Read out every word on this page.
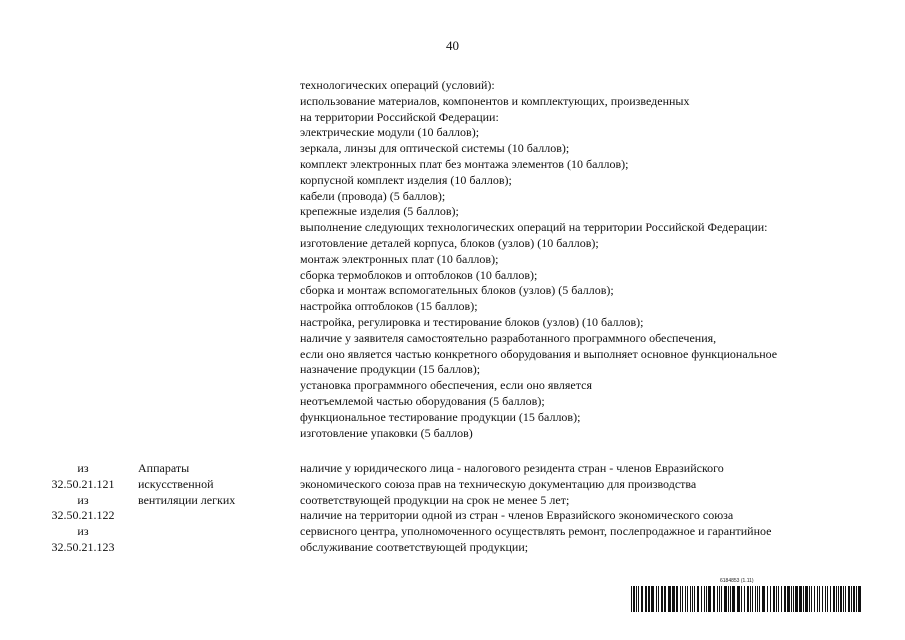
40
технологических операций (условий):
использование материалов, компонентов и комплектующих, произведенных
на территории Российской Федерации:
электрические модули (10 баллов);
зеркала, линзы для оптической системы (10 баллов);
комплект электронных плат без монтажа элементов (10 баллов);
корпусной комплект изделия (10 баллов);
кабели (провода) (5 баллов);
крепежные изделия (5 баллов);
выполнение следующих технологических операций на территории Российской Федерации:
изготовление деталей корпуса, блоков (узлов) (10 баллов);
монтаж электронных плат (10 баллов);
сборка термоблоков и оптоблоков (10 баллов);
сборка и монтаж вспомогательных блоков (узлов) (5 баллов);
настройка оптоблоков (15 баллов);
настройка, регулировка и тестирование блоков (узлов) (10 баллов);
наличие у заявителя самостоятельно разработанного программного обеспечения,
если оно является частью конкретного оборудования и выполняет основное функциональное
назначение продукции (15 баллов);
установка программного обеспечения, если оно является
неотъемлемой частью оборудования (5 баллов);
функциональное тестирование продукции (15 баллов);
изготовление упаковки (5 баллов)
из
32.50.21.121
из
32.50.21.122
из
32.50.21.123
Аппараты
искусственной
вентиляции легких
наличие у юридического лица - налогового резидента стран - членов Евразийского
экономического союза прав на техническую документацию для производства
соответствующей продукции на срок не менее 5 лет;
наличие на территории одной из стран - членов Евразийского экономического союза
сервисного центра, уполномоченного осуществлять ремонт, послепродажное и гарантийное
обслуживание соответствующей продукции;
6184853 (1.11)
